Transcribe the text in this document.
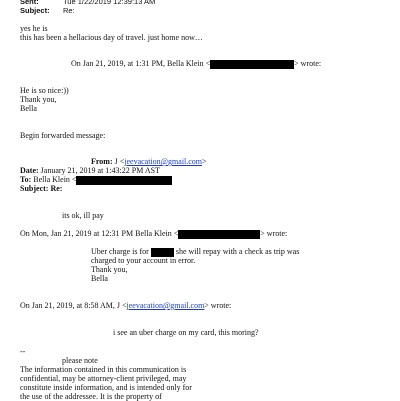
Sent:	Tue 1/22/2019 12:39:13 AM
Subject: Re:
yes he is
this has been a hellacious day of travel. just home now…
On Jan 21, 2019, at 1:31 PM, Bella Klein <	> wrote:
He is so nice:))
Thank you,
Bella
Begin forwarded message:
From: J <jeevacation@gmail.com>
Date: January 21, 2019 at 1:43:22 PM AST
To: Bella Klein <
Subject: Re:
its ok, ill pay
On Mon, Jan 21, 2019 at 12:31 PM Bella Klein <	> wrote:
Uber charge is for	she will repay with a check as trip was
charged to your account in error.
Thank you,
Bella
On Jan 21, 2019, at 8:58 AM, J <jeevacation@gmail.com> wrote:
i see an uber charge on my card, this moring?
--
please note
The information contained in this communication is
confidential, may be attorney-client privileged, may
constitute inside information, and is intended only for
the use of the addressee. It is the property of
